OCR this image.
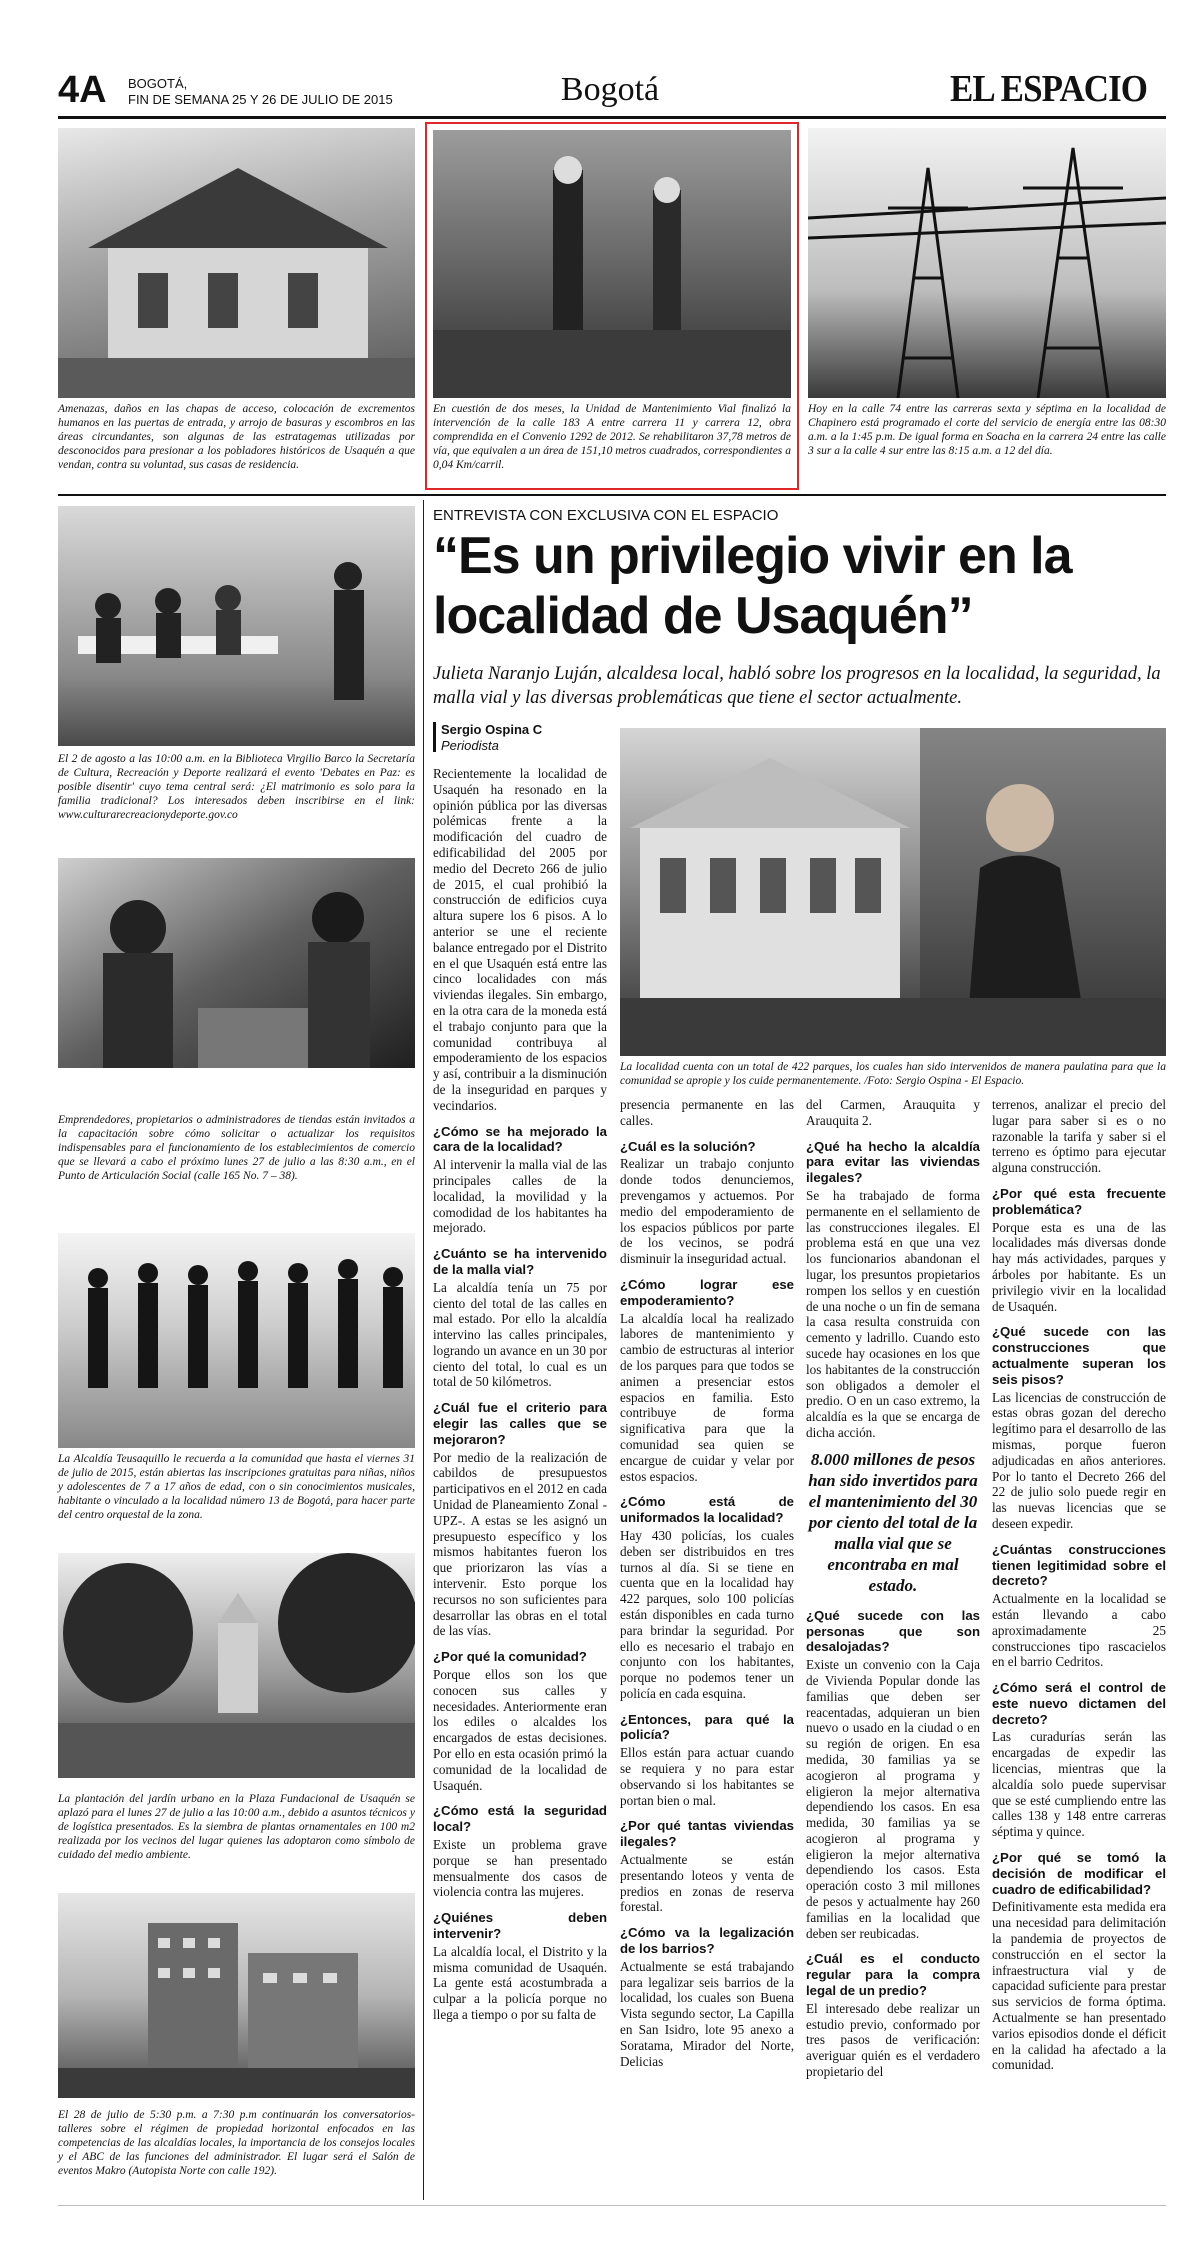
4A BOGOTÁ,
FIN DE SEMANA 25 Y 26 DE JULIO DE 2015	Bogotá	EL ESPACIO
Amenazas, daños en las chapas de acceso, colocación de excrementos humanos en las puertas de entrada, y arrojo de basuras y escombros en las áreas circundantes, son algunas de las estratagemas utilizadas por desconocidos para presionar a los pobladores históricos de Usaquén a que vendan, contra su voluntad, sus casas de residencia.
En cuestión de dos meses, la Unidad de Mantenimiento Vial finalizó la intervención de la calle 183 A entre carrera 11 y carrera 12, obra comprendida en el Convenio 1292 de 2012. Se rehabilitaron 37,78 metros de vía, que equivalen a un área de 151,10 metros cuadrados, correspondientes a 0,04 Km/carril.
Hoy en la calle 74 entre las carreras sexta y séptima en la localidad de Chapinero está programado el corte del servicio de energía entre las 08:30 a.m. a la 1:45 p.m. De igual forma en Soacha en la carrera 24 entre las calle 3 sur a la calle 4 sur entre las 8:15 a.m. a 12 del día.
El 2 de agosto a las 10:00 a.m. en la Biblioteca Virgilio Barco la Secretaría de Cultura, Recreación y Deporte realizará el evento 'Debates en Paz: es posible disentir' cuyo tema central será: ¿El matrimonio es solo para la familia tradicional? Los interesados deben inscribirse en el link: www.culturarecreacionydeporte.gov.co
Emprendedores, propietarios o administradores de tiendas están invitados a la capacitación sobre cómo solicitar o actualizar los requisitos indispensables para el funcionamiento de los establecimientos de comercio que se llevará a cabo el próximo lunes 27 de julio a las 8:30 a.m., en el Punto de Articulación Social (calle 165 No. 7 – 38).
La Alcaldía Teusaquillo le recuerda a la comunidad que hasta el viernes 31 de julio de 2015, están abiertas las inscripciones gratuitas para niñas, niños y adolescentes de 7 a 17 años de edad, con o sin conocimientos musicales, habitante o vinculado a la localidad número 13 de Bogotá, para hacer parte del centro orquestal de la zona.
La plantación del jardín urbano en la Plaza Fundacional de Usaquén se aplazó para el lunes 27 de julio a las 10:00 a.m., debido a asuntos técnicos y de logística presentados. Es la siembra de plantas ornamentales en 100 m2 realizada por los vecinos del lugar quienes las adoptaron como símbolo de cuidado del medio ambiente.
El 28 de julio de 5:30 p.m. a 7:30 p.m continuarán los conversatorios-talleres sobre el régimen de propiedad horizontal enfocados en las competencias de las alcaldías locales, la importancia de los consejos locales y el ABC de las funciones del administrador. El lugar será el Salón de eventos Makro (Autopista Norte con calle 192).
ENTREVISTA CON EXCLUSIVA CON EL ESPACIO
“Es un privilegio vivir en la localidad de Usaquén”
Julieta Naranjo Luján, alcaldesa local, habló sobre los progresos en la localidad, la seguridad, la malla vial y las diversas problemáticas que tiene el sector actualmente.
Sergio Ospina C
Periodista
La localidad cuenta con un total de 422 parques, los cuales han sido intervenidos de manera paulatina para que la comunidad se apropie y los cuide permanentemente. /Foto: Sergio Ospina - El Espacio.

Recientemente la localidad de Usaquén ha resonado en la opinión pública por las diversas polémicas frente a la modificación del cuadro de edificabilidad del 2005 por medio del Decreto 266 de julio de 2015, el cual prohibió la construcción de edificios cuya altura supere los 6 pisos. A lo anterior se une el reciente balance entregado por el Distrito en el que Usaquén está entre las cinco localidades con más viviendas ilegales. Sin embargo, en la otra cara de la moneda está el trabajo conjunto para que la comunidad contribuya al empoderamiento de los espacios y así, contribuir a la disminución de la inseguridad en parques y vecindarios.

¿Cómo se ha mejorado la cara de la localidad?

Al intervenir la malla vial de las principales calles de la localidad, la movilidad y la comodidad de los habitantes ha mejorado.

¿Cuánto se ha intervenido de la malla vial?

La alcaldía tenía un 75 por ciento del total de las calles en mal estado. Por ello la alcaldía intervino las calles principales, logrando un avance en un 30 por ciento del total, lo cual es un total de 50 kilómetros.

¿Cuál fue el criterio para elegir las calles que se mejoraron?

Por medio de la realización de cabildos de presupuestos participativos en el 2012 en cada Unidad de Planeamiento Zonal -UPZ-. A estas se les asignó un presupuesto específico y los mismos habitantes fueron los que priorizaron las vías a intervenir. Esto porque los recursos no son suficientes para desarrollar las obras en el total de las vías.

¿Por qué la comunidad?

Porque ellos son los que conocen sus calles y necesidades. Anteriormente eran los ediles o alcaldes los encargados de estas decisiones. Por ello en esta ocasión primó la comunidad de la localidad de Usaquén.

¿Cómo está la seguridad local?

Existe un problema grave porque se han presentado mensualmente dos casos de violencia contra las mujeres.

¿Quiénes deben intervenir?

La alcaldía local, el Distrito y la misma comunidad de Usaquén. La gente está acostumbrada a culpar a la policía porque no llega a tiempo o por su falta de

presencia permanente en las calles.

¿Cuál es la solución?

Realizar un trabajo conjunto donde todos denunciemos, prevengamos y actuemos. Por medio del empoderamiento de los espacios públicos por parte de los vecinos, se podrá disminuir la inseguridad actual.

¿Cómo lograr ese empoderamiento?

La alcaldía local ha realizado labores de mantenimiento y cambio de estructuras al interior de los parques para que todos se animen a presenciar estos espacios en familia. Esto contribuye de forma significativa para que la comunidad sea quien se encargue de cuidar y velar por estos espacios.

¿Cómo está de uniformados la localidad?

Hay 430 policías, los cuales deben ser distribuidos en tres turnos al día. Si se tiene en cuenta que en la localidad hay 422 parques, solo 100 policías están disponibles en cada turno para brindar la seguridad. Por ello es necesario el trabajo en conjunto con los habitantes, porque no podemos tener un policía en cada esquina.

¿Entonces, para qué la policía?

Ellos están para actuar cuando se requiera y no para estar observando si los habitantes se portan bien o mal.

¿Por qué tantas viviendas ilegales?

Actualmente se están presentando loteos y venta de predios en zonas de reserva forestal.

¿Cómo va la legalización de los barrios?

Actualmente se está trabajando para legalizar seis barrios de la localidad, los cuales son Buena Vista segundo sector, La Capilla en San Isidro, lote 95 anexo a Soratama, Mirador del Norte, Delicias

del Carmen, Arauquita y Arauquita 2.

¿Qué ha hecho la alcaldía para evitar las viviendas ilegales?

Se ha trabajado de forma permanente en el sellamiento de las construcciones ilegales. El problema está en que una vez los funcionarios abandonan el lugar, los presuntos propietarios rompen los sellos y en cuestión de una noche o un fin de semana la casa resulta construida con cemento y ladrillo. Cuando esto sucede hay ocasiones en los que los habitantes de la construcción son obligados a demoler el predio. O en un caso extremo, la alcaldía es la que se encarga de dicha acción.

8.000 millones de pesos han sido invertidos para el mantenimiento del 30 por ciento del total de la malla vial que se encontraba en mal estado.
¿Qué sucede con las personas que son desalojadas?

Existe un convenio con la Caja de Vivienda Popular donde las familias que deben ser reacentadas, adquieran un bien nuevo o usado en la ciudad o en su región de origen. En esa medida, 30 familias ya se acogieron al programa y eligieron la mejor alternativa dependiendo los casos. En esa medida, 30 familias ya se acogieron al programa y eligieron la mejor alternativa dependiendo los casos. Esta operación costo 3 mil millones de pesos y actualmente hay 260 familias en la localidad que deben ser reubicadas.

¿Cuál es el conducto regular para la compra legal de un predio?

El interesado debe realizar un estudio previo, conformado por tres pasos de verificación: averiguar quién es el verdadero propietario del

terrenos, analizar el precio del lugar para saber si es o no razonable la tarifa y saber si el terreno es óptimo para ejecutar alguna construcción.

¿Por qué esta frecuente problemática?

Porque esta es una de las localidades más diversas donde hay más actividades, parques y árboles por habitante. Es un privilegio vivir en la localidad de Usaquén.

¿Qué sucede con las construcciones que actualmente superan los seis pisos?

Las licencias de construcción de estas obras gozan del derecho legítimo para el desarrollo de las mismas, porque fueron adjudicadas en años anteriores. Por lo tanto el Decreto 266 del 22 de julio solo puede regir en las nuevas licencias que se deseen expedir.

¿Cuántas construcciones tienen legitimidad sobre el decreto?

Actualmente en la localidad se están llevando a cabo aproximadamente 25 construcciones tipo rascacielos en el barrio Cedritos.

¿Cómo será el control de este nuevo dictamen del decreto?

Las curadurías serán las encargadas de expedir las licencias, mientras que la alcaldía solo puede supervisar que se esté cumpliendo entre las calles 138 y 148 entre carreras séptima y quince.

¿Por qué se tomó la decisión de modificar el cuadro de edificabilidad?

Definitivamente esta medida era una necesidad para delimitación la pandemia de proyectos de construcción en el sector la infraestructura vial y de capacidad suficiente para prestar sus servicios de forma óptima. Actualmente se han presentado varios episodios donde el déficit en la calidad ha afectado a la comunidad.
